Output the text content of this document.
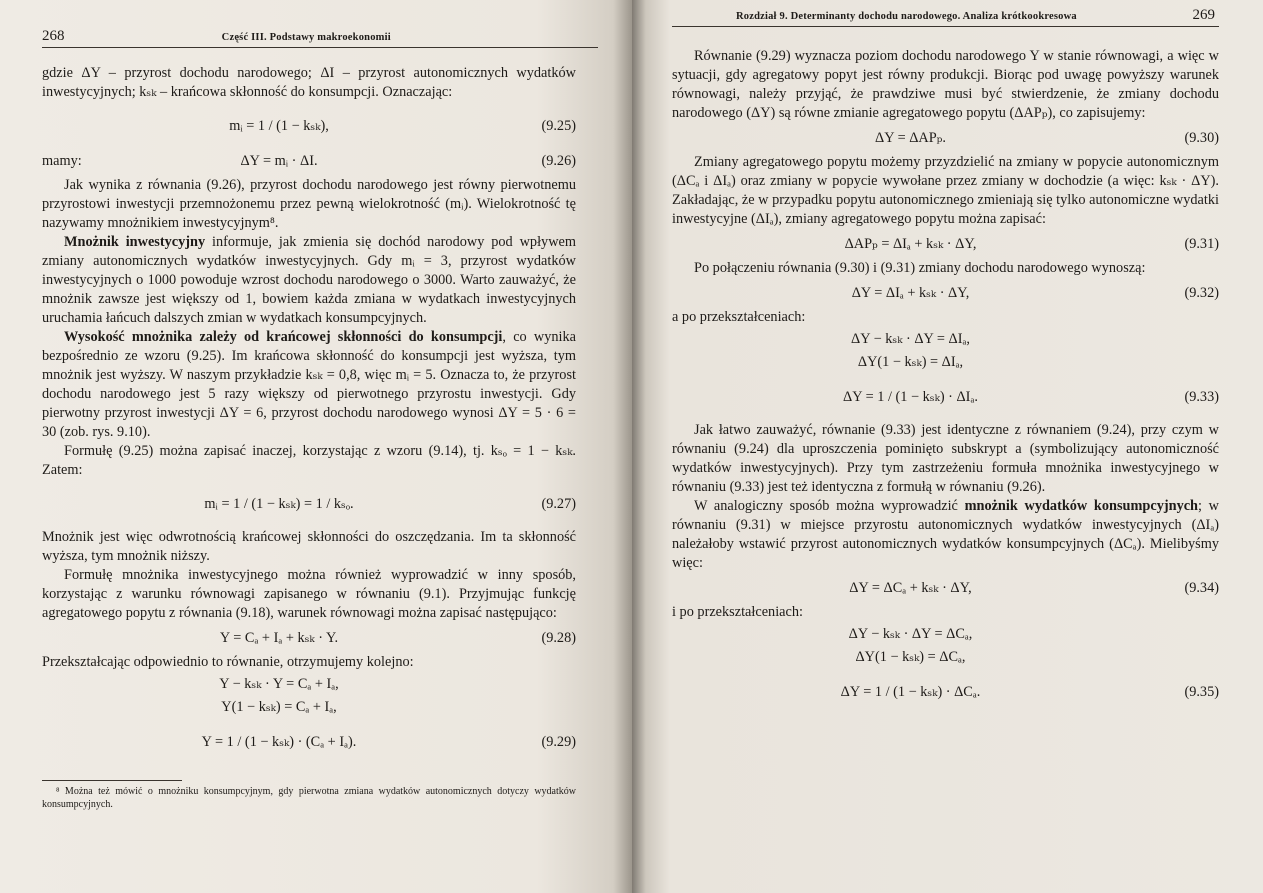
268	Część III. Podstawy makroekonomii

gdzie ΔY – przyrost dochodu narodowego; ΔI – przyrost autonomicznych wydatków inwestycyjnych; kₛₖ – krańcowa skłonność do konsumpcji. Oznaczając:

mᵢ = 1 / (1 − kₛₖ),	(9.25)
mamy:	ΔY = mᵢ · ΔI.	(9.26)

Jak wynika z równania (9.26), przyrost dochodu narodowego jest równy pierwotnemu przyrostowi inwestycji przemnożonemu przez pewną wielokrotność (mᵢ). Wielokrotność tę nazywamy mnożnikiem inwestycyjnym⁸.

Mnożnik inwestycyjny informuje, jak zmienia się dochód narodowy pod wpływem zmiany autonomicznych wydatków inwestycyjnych. Gdy mᵢ = 3, przyrost wydatków inwestycyjnych o 1000 powoduje wzrost dochodu narodowego o 3000. Warto zauważyć, że mnożnik zawsze jest większy od 1, bowiem każda zmiana w wydatkach inwestycyjnych uruchamia łańcuch dalszych zmian w wydatkach konsumpcyjnych.

Wysokość mnożnika zależy od krańcowej skłonności do konsumpcji, co wynika bezpośrednio ze wzoru (9.25). Im krańcowa skłonność do konsumpcji jest wyższa, tym mnożnik jest wyższy. W naszym przykładzie kₛₖ = 0,8, więc mᵢ = 5. Oznacza to, że przyrost dochodu narodowego jest 5 razy większy od pierwotnego przyrostu inwestycji. Gdy pierwotny przyrost inwestycji ΔY = 6, przyrost dochodu narodowego wynosi ΔY = 5 · 6 = 30 (zob. rys. 9.10).

Formułę (9.25) można zapisać inaczej, korzystając z wzoru (9.14), tj. kₛₒ = 1 − kₛₖ. Zatem:

mᵢ = 1 / (1 − kₛₖ) = 1 / kₛₒ.	(9.27)

Mnożnik jest więc odwrotnością krańcowej skłonności do oszczędzania. Im ta skłonność wyższa, tym mnożnik niższy.

Formułę mnożnika inwestycyjnego można również wyprowadzić w inny sposób, korzystając z warunku równowagi zapisanego w równaniu (9.1). Przyjmując funkcję agregatowego popytu z równania (9.18), warunek równowagi można zapisać następująco:

Y = Cₐ + Iₐ + kₛₖ · Y.	(9.28)

Przekształcając odpowiednio to równanie, otrzymujemy kolejno:

Y − kₛₖ · Y = Cₐ + Iₐ,
Y(1 − kₛₖ) = Cₐ + Iₐ,
Y = 1 / (1 − kₛₖ) · (Cₐ + Iₐ).	(9.29)

⁸ Można też mówić o mnożniku konsumpcyjnym, gdy pierwotna zmiana wydatków autonomicznych dotyczy wydatków konsumpcyjnych.

Rozdział 9. Determinanty dochodu narodowego. Analiza krótkookresowa	269

Równanie (9.29) wyznacza poziom dochodu narodowego Y w stanie równowagi, a więc w sytuacji, gdy agregatowy popyt jest równy produkcji. Biorąc pod uwagę powyższy warunek równowagi, należy przyjąć, że prawdziwe musi być stwierdzenie, że zmiany dochodu narodowego (ΔY) są równe zmianie agregatowego popytu (ΔAPₚ), co zapisujemy:

ΔY = ΔAPₚ.	(9.30)

Zmiany agregatowego popytu możemy przyzdzielić na zmiany w popycie autonomicznym (ΔCₐ i ΔIₐ) oraz zmiany w popycie wywołane przez zmiany w dochodzie (a więc: kₛₖ · ΔY). Zakładając, że w przypadku popytu autonomicznego zmieniają się tylko autonomiczne wydatki inwestycyjne (ΔIₐ), zmiany agregatowego popytu można zapisać:

ΔAPₚ = ΔIₐ + kₛₖ · ΔY,	(9.31)

Po połączeniu równania (9.30) i (9.31) zmiany dochodu narodowego wynoszą:

ΔY = ΔIₐ + kₛₖ · ΔY,	(9.32)

a po przekształceniach:

ΔY − kₛₖ · ΔY = ΔIₐ,
ΔY(1 − kₛₖ) = ΔIₐ,
ΔY = 1 / (1 − kₛₖ) · ΔIₐ.	(9.33)

Jak łatwo zauważyć, równanie (9.33) jest identyczne z równaniem (9.24), przy czym w równaniu (9.24) dla uproszczenia pominięto subskrypt a (symbolizujący autonomiczność wydatków inwestycyjnych). Przy tym zastrzeżeniu formuła mnożnika inwestycyjnego w równaniu (9.33) jest też identyczna z formułą w równaniu (9.26).

W analogiczny sposób można wyprowadzić mnożnik wydatków konsumpcyjnych; w równaniu (9.31) w miejsce przyrostu autonomicznych wydatków inwestycyjnych (ΔIₐ) należałoby wstawić przyrost autonomicznych wydatków konsumpcyjnych (ΔCₐ). Mielibyśmy więc:

ΔY = ΔCₐ + kₛₖ · ΔY,	(9.34)

i po przekształceniach:

ΔY − kₛₖ · ΔY = ΔCₐ,
ΔY(1 − kₛₖ) = ΔCₐ,
ΔY = 1 / (1 − kₛₖ) · ΔCₐ.	(9.35)
